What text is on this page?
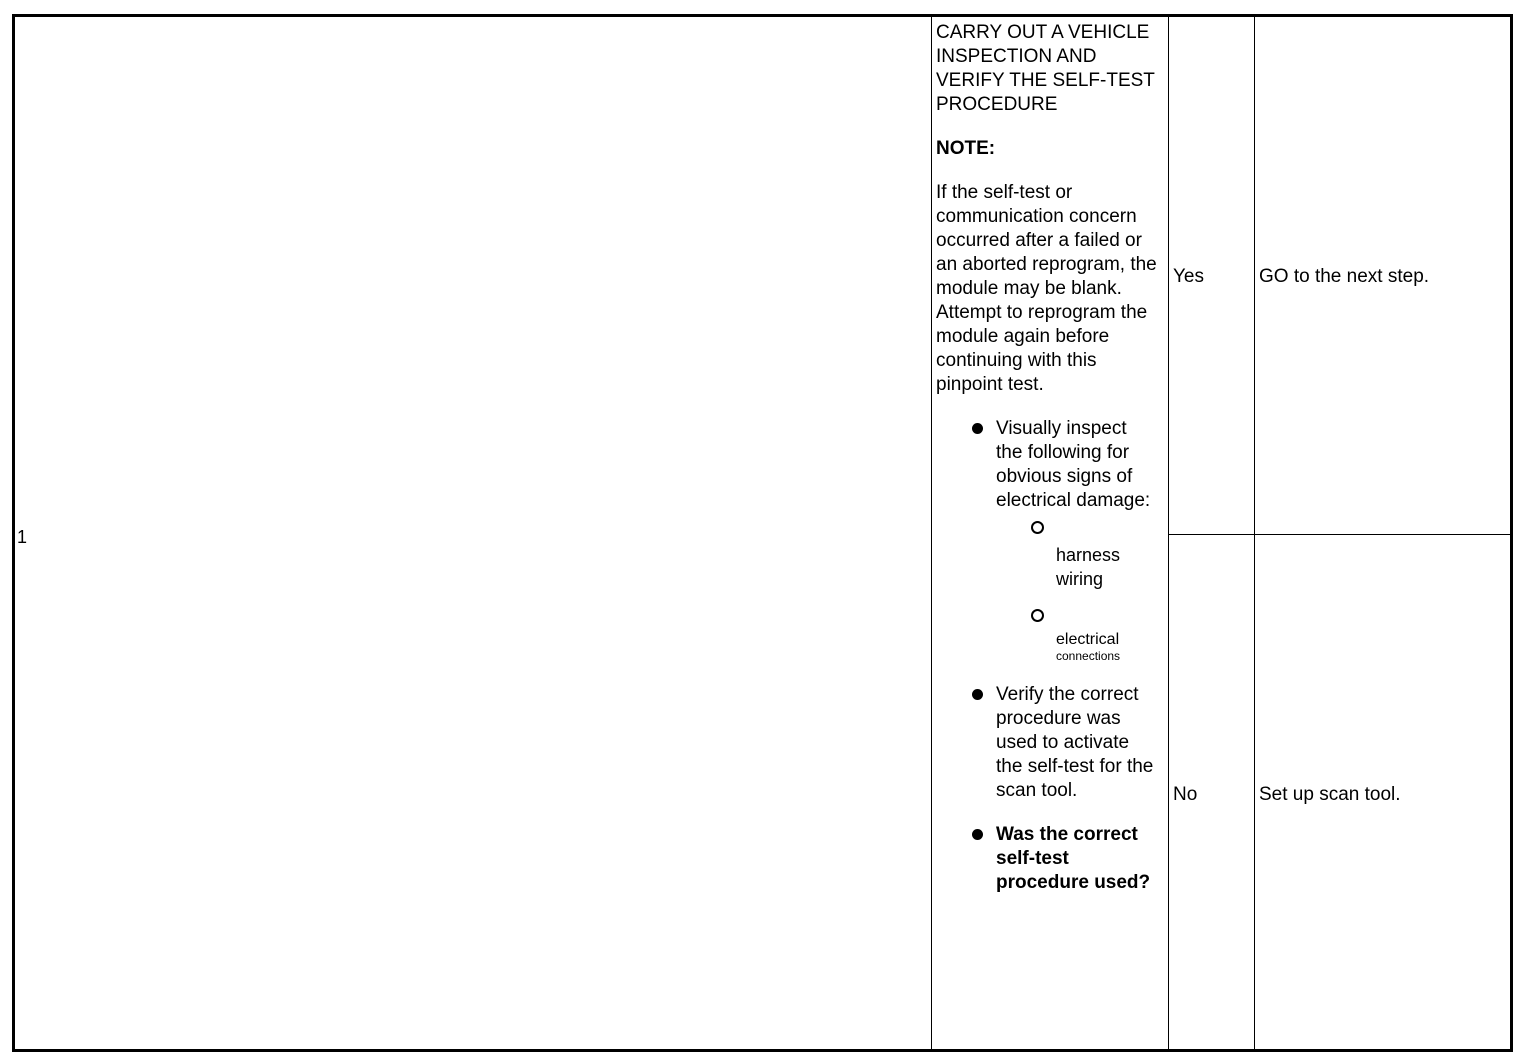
1

CARRY OUT A VEHICLE INSPECTION AND VERIFY THE SELF-TEST PROCEDURE

NOTE:

If the self-test or communication concern occurred after a failed or an aborted reprogram, the module may be blank. Attempt to reprogram the module again before continuing with this pinpoint test.

Visually inspect the following for obvious signs of electrical damage:
harness wiring
electrical
connections
Verify the correct procedure was used to activate the self-test for the scan tool.
Was the correct self-test procedure used?
Yes	GO to the next step.
No	Set up scan tool.
